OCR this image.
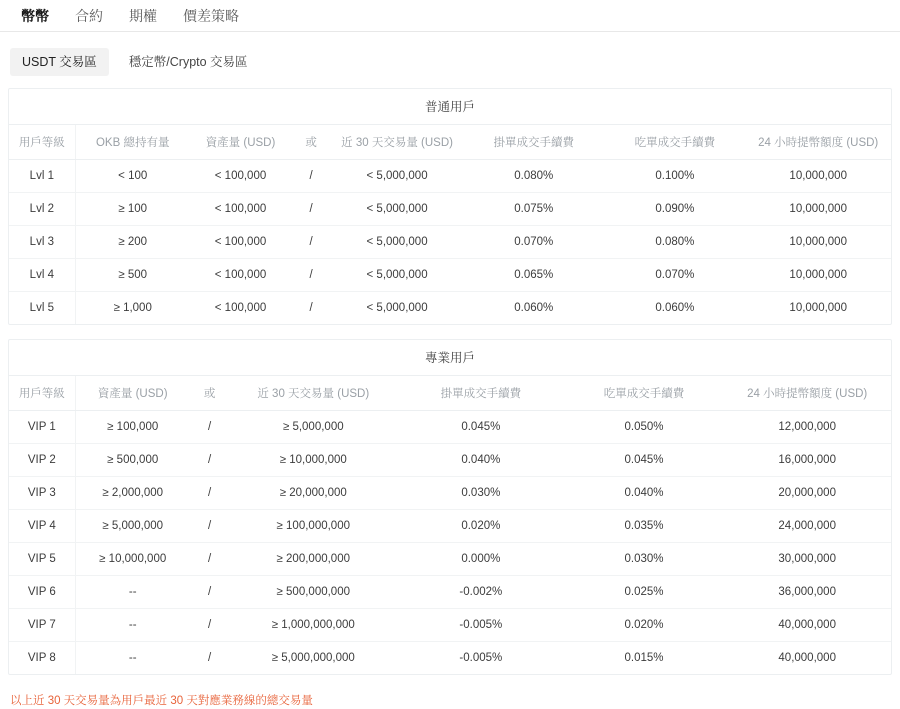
幣幣	合約	期權	價差策略
USDT 交易區	穩定幣/Crypto 交易區
普通用戶
用戶等級	OKB 總持有量	資產量 (USD)	或	近 30 天交易量 (USD)	掛單成交手續費	吃單成交手續費	24 小時提幣額度 (USD)
Lvl 1	< 100	< 100,000	/	< 5,000,000	0.080%	0.100%	10,000,000
Lvl 2	≥ 100	< 100,000	/	< 5,000,000	0.075%	0.090%	10,000,000
Lvl 3	≥ 200	< 100,000	/	< 5,000,000	0.070%	0.080%	10,000,000
Lvl 4	≥ 500	< 100,000	/	< 5,000,000	0.065%	0.070%	10,000,000
Lvl 5	≥ 1,000	< 100,000	/	< 5,000,000	0.060%	0.060%	10,000,000
專業用戶
用戶等級	資產量 (USD)	或	近 30 天交易量 (USD)	掛單成交手續費	吃單成交手續費	24 小時提幣額度 (USD)
VIP 1	≥ 100,000	/	≥ 5,000,000	0.045%	0.050%	12,000,000
VIP 2	≥ 500,000	/	≥ 10,000,000	0.040%	0.045%	16,000,000
VIP 3	≥ 2,000,000	/	≥ 20,000,000	0.030%	0.040%	20,000,000
VIP 4	≥ 5,000,000	/	≥ 100,000,000	0.020%	0.035%	24,000,000
VIP 5	≥ 10,000,000	/	≥ 200,000,000	0.000%	0.030%	30,000,000
VIP 6	--	/	≥ 500,000,000	-0.002%	0.025%	36,000,000
VIP 7	--	/	≥ 1,000,000,000	-0.005%	0.020%	40,000,000
VIP 8	--	/	≥ 5,000,000,000	-0.005%	0.015%	40,000,000
以上近 30 天交易量為用戶最近 30 天對應業務線的總交易量
